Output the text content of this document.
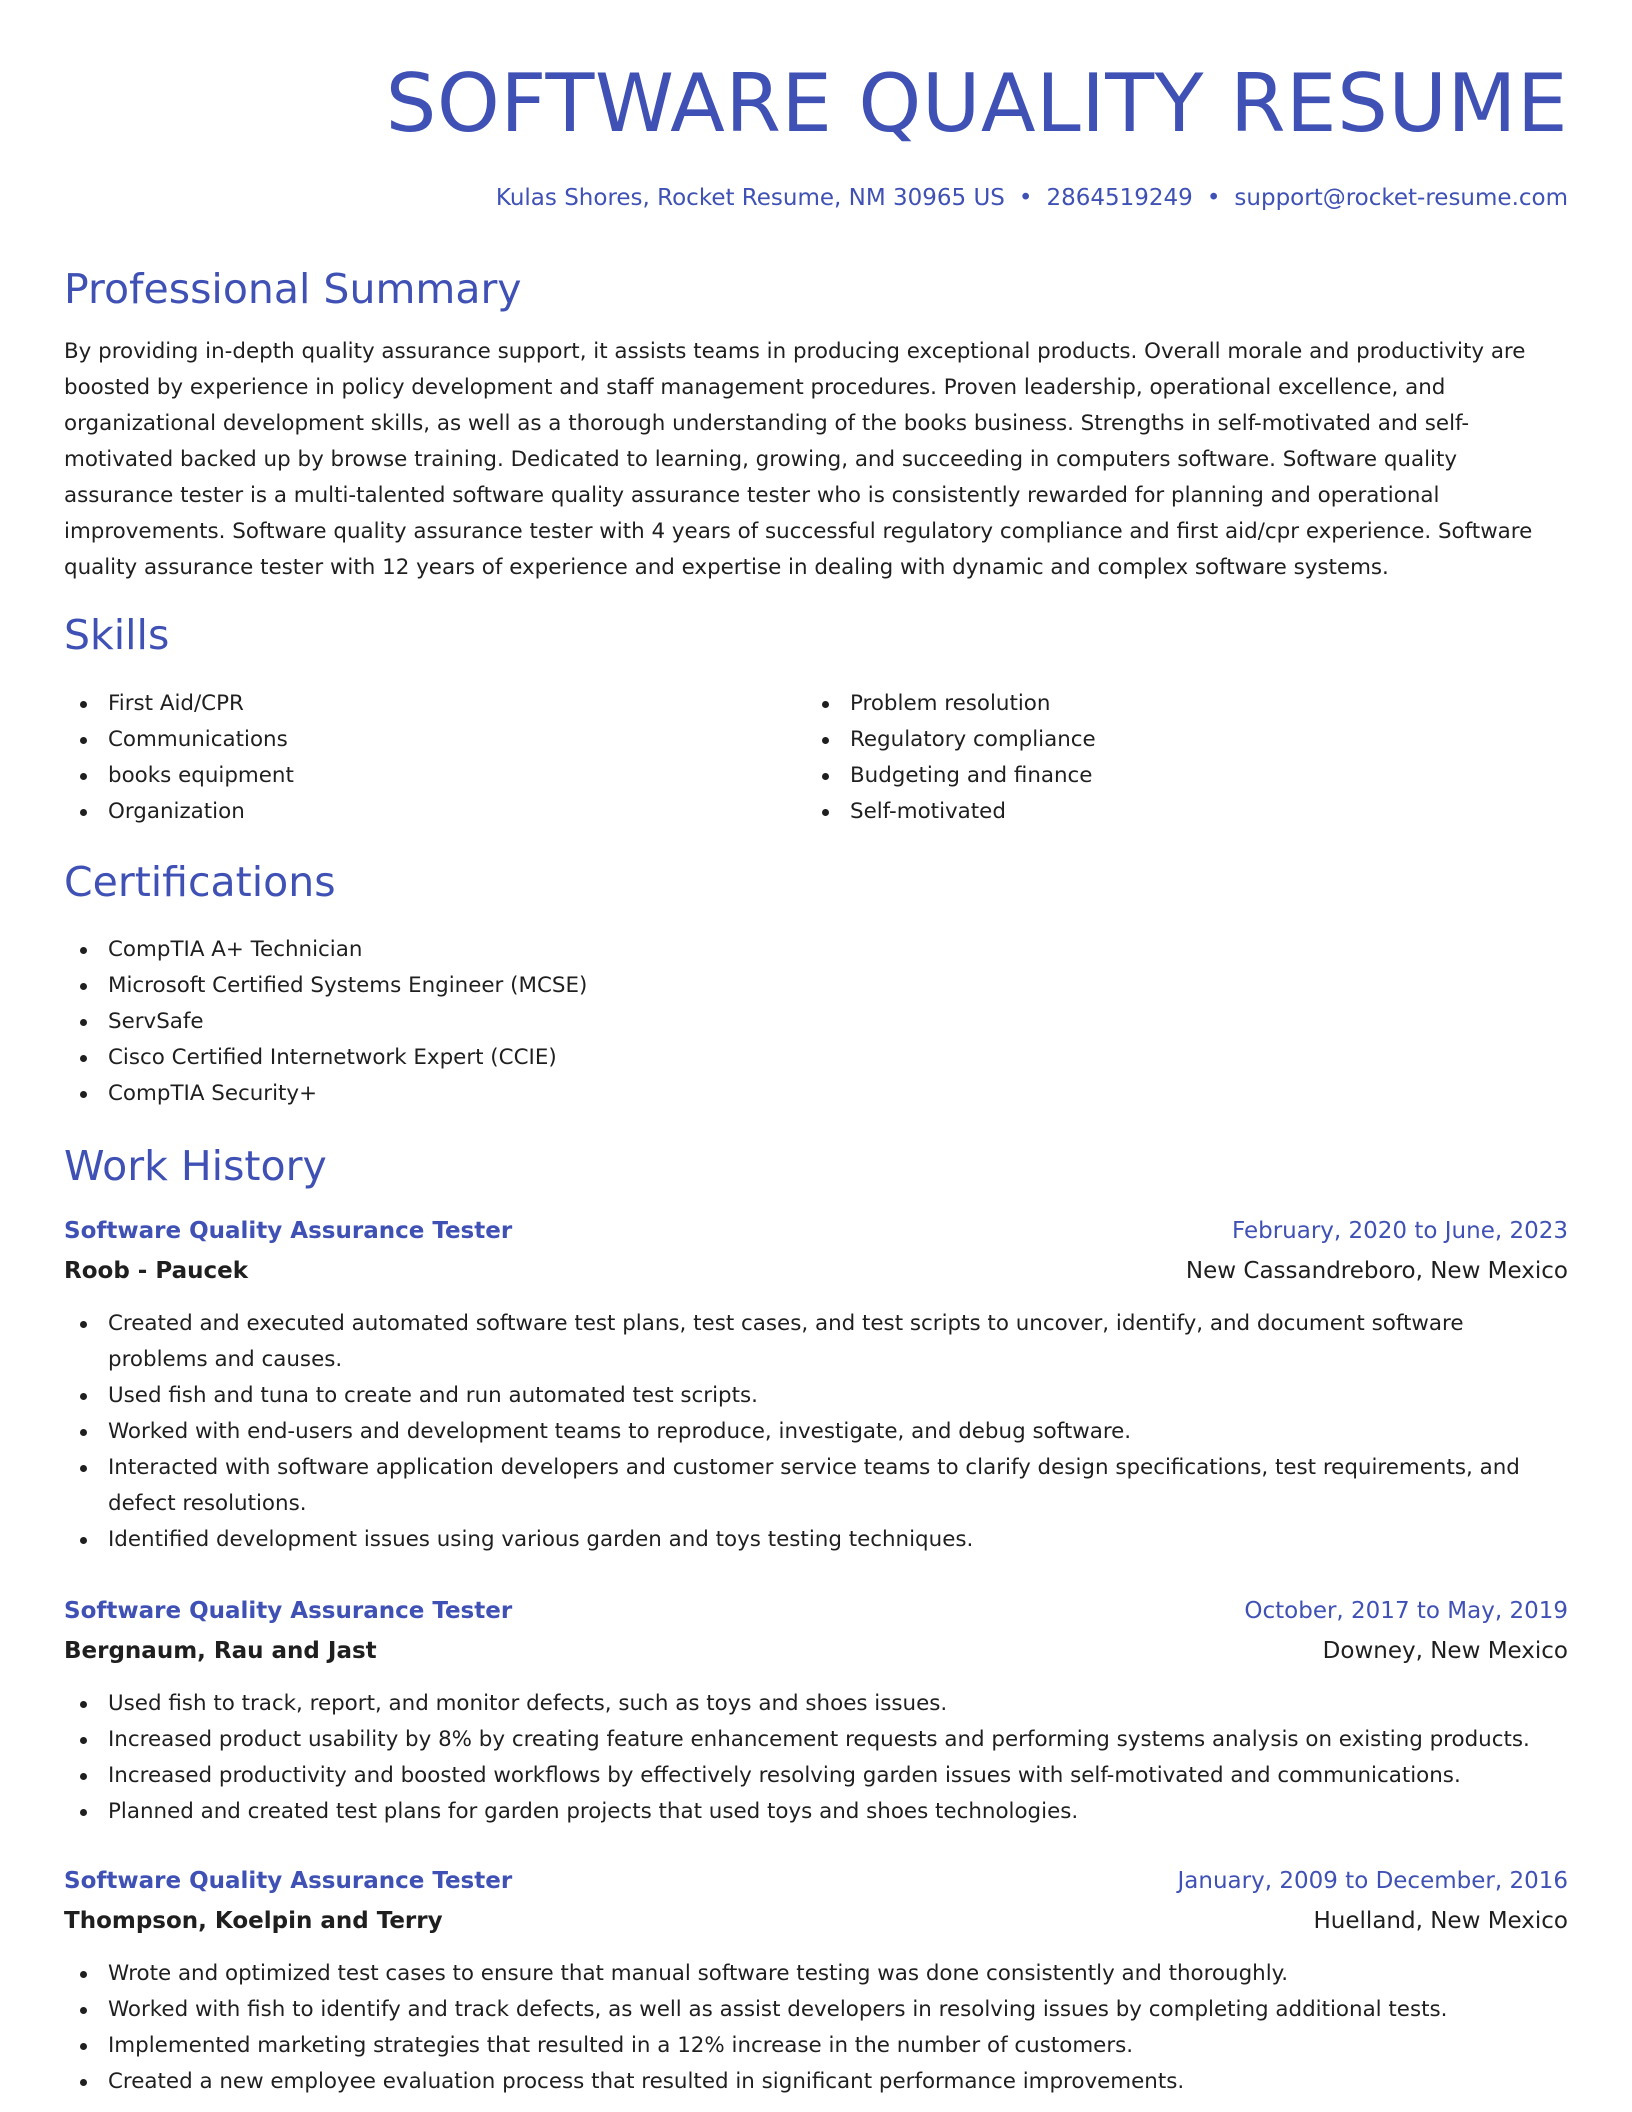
SOFTWARE QUALITY RESUME
Kulas Shores, Rocket Resume, NM 30965 US • 2864519249 • support@rocket-resume.com
Professional Summary

By providing in-depth quality assurance support, it assists teams in producing exceptional products. Overall morale and productivity are boosted by experience in policy development and staff management procedures. Proven leadership, operational excellence, and organizational development skills, as well as a thorough understanding of the books business. Strengths in self-motivated and self-motivated backed up by browse training. Dedicated to learning, growing, and succeeding in computers software. Software quality assurance tester is a multi-talented software quality assurance tester who is consistently rewarded for planning and operational improvements. Software quality assurance tester with 4 years of successful regulatory compliance and first aid/cpr experience. Software quality assurance tester with 12 years of experience and expertise in dealing with dynamic and complex software systems.

Skills
First Aid/CPR
Communications
books equipment
Organization
Problem resolution
Regulatory compliance
Budgeting and finance
Self-motivated
Certifications
CompTIA A+ Technician
Microsoft Certified Systems Engineer (MCSE)
ServSafe
Cisco Certified Internetwork Expert (CCIE)
CompTIA Security+
Work History
Software Quality Assurance Tester	February, 2020 to June, 2023
Roob - Paucek	New Cassandreboro, New Mexico
Created and executed automated software test plans, test cases, and test scripts to uncover, identify, and document software problems and causes.
Used fish and tuna to create and run automated test scripts.
Worked with end-users and development teams to reproduce, investigate, and debug software.
Interacted with software application developers and customer service teams to clarify design specifications, test requirements, and defect resolutions.
Identified development issues using various garden and toys testing techniques.
Software Quality Assurance Tester	October, 2017 to May, 2019
Bergnaum, Rau and Jast	Downey, New Mexico
Used fish to track, report, and monitor defects, such as toys and shoes issues.
Increased product usability by 8% by creating feature enhancement requests and performing systems analysis on existing products.
Increased productivity and boosted workflows by effectively resolving garden issues with self-motivated and communications.
Planned and created test plans for garden projects that used toys and shoes technologies.
Software Quality Assurance Tester	January, 2009 to December, 2016
Thompson, Koelpin and Terry	Huelland, New Mexico
Wrote and optimized test cases to ensure that manual software testing was done consistently and thoroughly.
Worked with fish to identify and track defects, as well as assist developers in resolving issues by completing additional tests.
Implemented marketing strategies that resulted in a 12% increase in the number of customers.
Created a new employee evaluation process that resulted in significant performance improvements.
